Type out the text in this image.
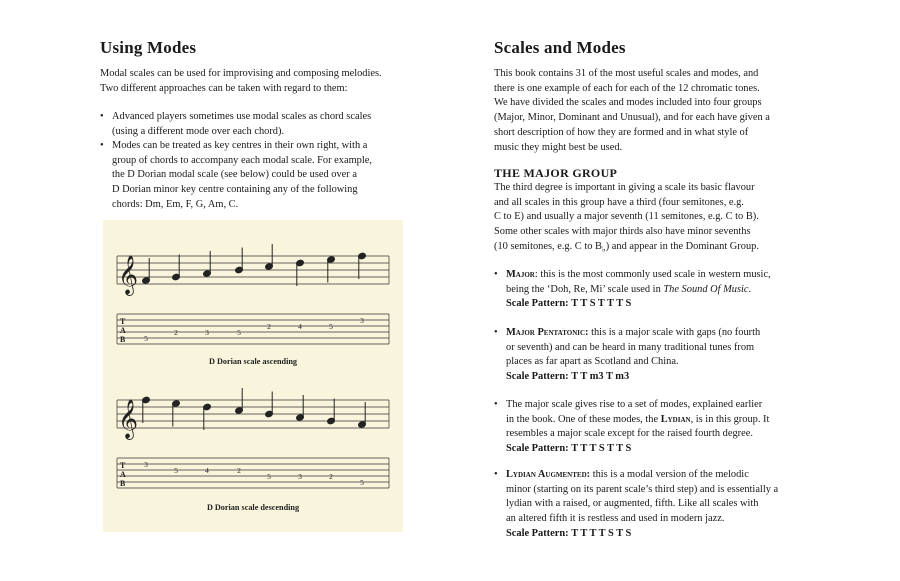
Using Modes

Modal scales can be used for improvising and composing melodies.
Two different approaches can be taken with regard to them:

• Advanced players sometimes use modal scales as chord scales
(using a different mode over each chord).
• Modes can be treated as key centres in their own right, with a
group of chords to accompany each modal scale. For example,
the D Dorian modal scale (see below) could be used over a
D Dorian minor key centre containing any of the following
chords: Dm, Em, F, G, Am, C.
𝄞
T
A
B	5
2	3	5
2	4	5
3
D Dorian scale ascending
𝄞
T
A
B
3
5	4	2
5	3	2
5
D Dorian scale descending
Scales and Modes

This book contains 31 of the most useful scales and modes, and
there is one example of each for each of the 12 chromatic tones.
We have divided the scales and modes included into four groups
(Major, Minor, Dominant and Unusual), and for each have given a
short description of how they are formed and in what style of
music they might best be used.

THE MAJOR GROUP

The third degree is important in giving a scale its basic flavour
and all scales in this group have a third (four semitones, e.g.
C to E) and usually a major seventh (11 semitones, e.g. C to B).
Some other scales with major thirds also have minor sevenths
(10 semitones, e.g. C to $B_♭$) and appear in the Dominant Group.

• Major: this is the most commonly used scale in western music,
being the ‘Doh, Re, Mi’ scale used in The Sound Of Music.
Scale Pattern: T T S T T T S
• Major Pentatonic: this is a major scale with gaps (no fourth
or seventh) and can be heard in many traditional tunes from
places as far apart as Scotland and China.
Scale Pattern: T T m3 T m3
• The major scale gives rise to a set of modes, explained earlier
in the book. One of these modes, the Lydian, is in this group. It
resembles a major scale except for the raised fourth degree.
Scale Pattern: T T T S T T S
• Lydian Augmented: this is a modal version of the melodic
minor (starting on its parent scale’s third step) and is essentially a
lydian with a raised, or augmented, fifth. Like all scales with
an altered fifth it is restless and used in modern jazz.
Scale Pattern: T T T T S T S
